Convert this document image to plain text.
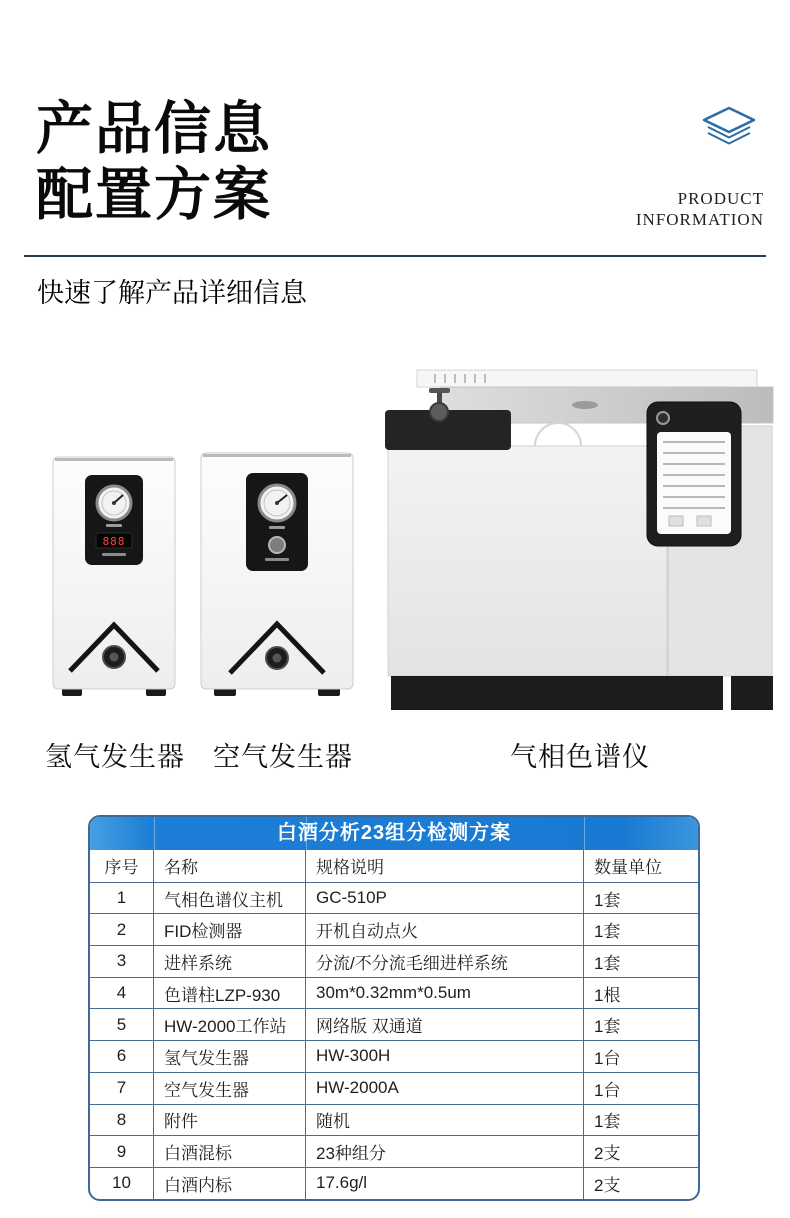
产品信息
配置方案	PRODUCT
INFORMATION
快速了解产品详细信息
888
氢气发生器 空气发生器	气相色谱仪
白酒分析23组分检测方案
序号	名称	规格说明	数量单位
1	气相色谱仪主机	GC-510P	1套
2	FID检测器	开机自动点火	1套
3	进样系统	分流/不分流毛细进样系统	1套
4	色谱柱LZP-930	30m*0.32mm*0.5um	1根
5	HW-2000工作站	网络版 双通道	1套
6	氢气发生器	HW-300H	1台
7	空气发生器	HW-2000A	1台
8	附件	随机	1套
9	白酒混标	23种组分	2支
10	白酒内标	17.6g/l	2支
